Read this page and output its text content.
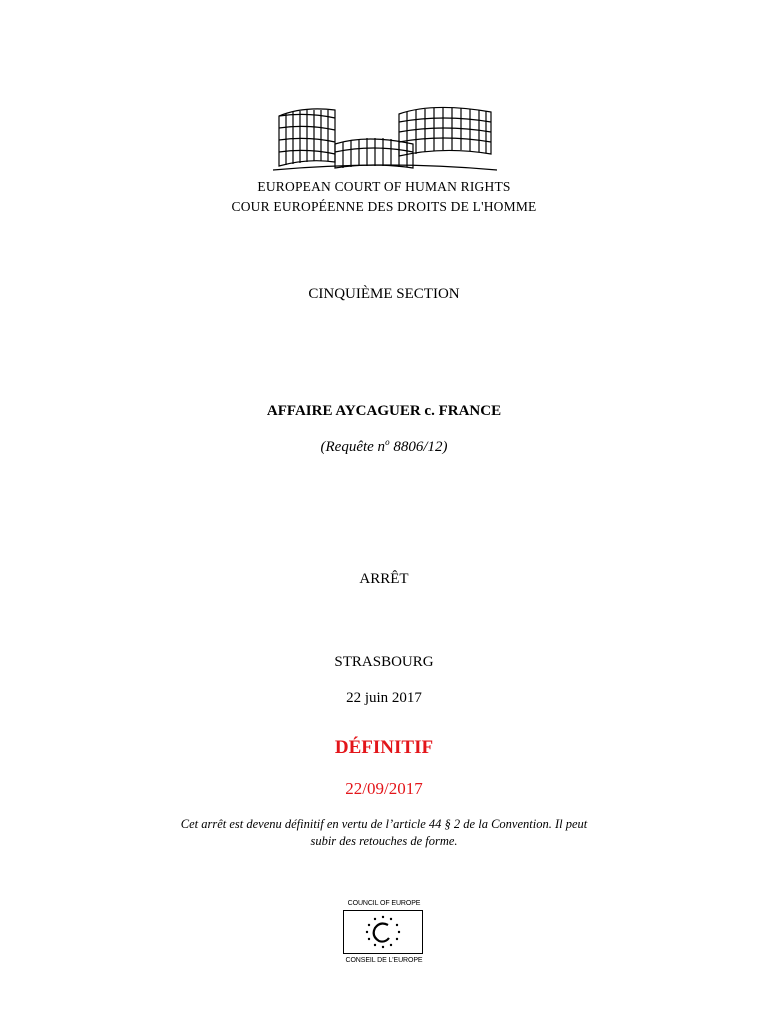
EUROPEAN COURT OF HUMAN RIGHTS
COUR EUROPÉENNE DES DROITS DE L'HOMME
CINQUIÈME SECTION
AFFAIRE AYCAGUER c. FRANCE
(Requête $n^o$ 8806/12)
ARRÊT
STRASBOURG
22 juin 2017
DÉFINITIF
22/09/2017
Cet arrêt est devenu définitif en vertu de l’article 44 § 2 de la Convention. Il peut
subir des retouches de forme.
COUNCIL OF EUROPE
CONSEIL DE L'EUROPE
